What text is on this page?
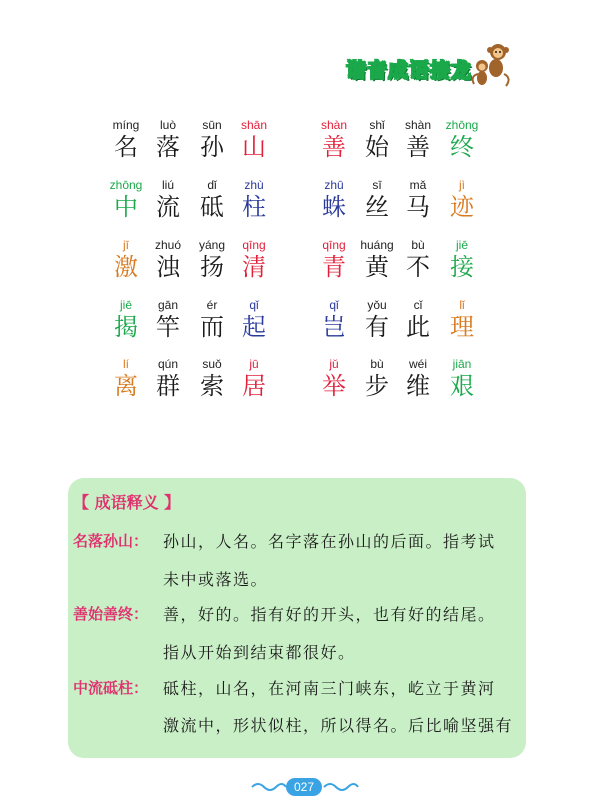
谐音成语接龙
míng
名
luò
落
sūn
孙
shān
山
shàn
善
shǐ
始
shàn
善
zhōng
终
zhōng
中
liú
流
dǐ
砥
zhù
柱
zhū
蛛
sī
丝
mǎ
马
jì
迹
jī
激
zhuó
浊
yáng
扬
qīng
清
qīng
青
huáng
黄
bù
不
jiē
接
jiē
揭
gān
竿
ér
而
qǐ
起
qǐ
岂
yǒu
有
cǐ
此
lǐ
理
lí
离
qún
群
suǒ
索
jū
居
jǔ
举
bù
步
wéi
维
jiān
艰
【 成语释义 】
名落孙山： 孙山，人名。名字落在孙山的后面。指考试
未中或落选。
善始善终： 善，好的。指有好的开头，也有好的结尾。
指从开始到结束都很好。
中流砥柱： 砥柱，山名，在河南三门峡东，屹立于黄河
激流中，形状似柱，所以得名。后比喻坚强有
027
